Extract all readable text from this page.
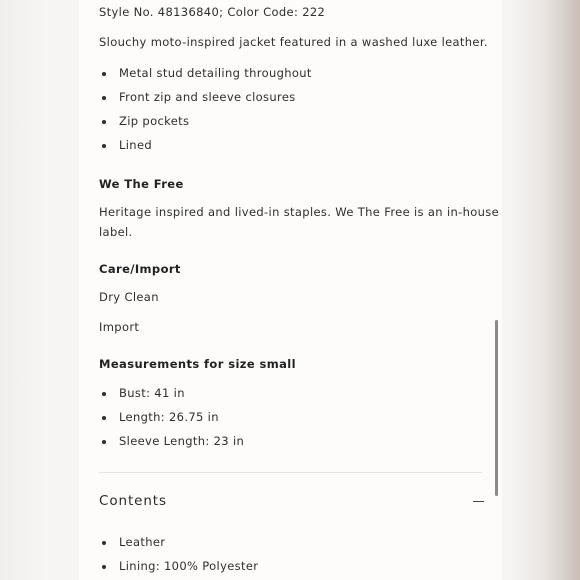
Style No. 48136840; Color Code: 222

Slouchy moto-inspired jacket featured in a washed luxe leather.

Metal stud detailing throughout
Front zip and sleeve closures
Zip pockets
Lined

We The Free

Heritage inspired and lived-in staples. We The Free is an in-house

label.

Care/Import

Dry Clean

Import

Measurements for size small

Bust: 41 in
Length: 26.75 in
Sleeve Length: 23 in
Contents
Leather
Lining: 100% Polyester
